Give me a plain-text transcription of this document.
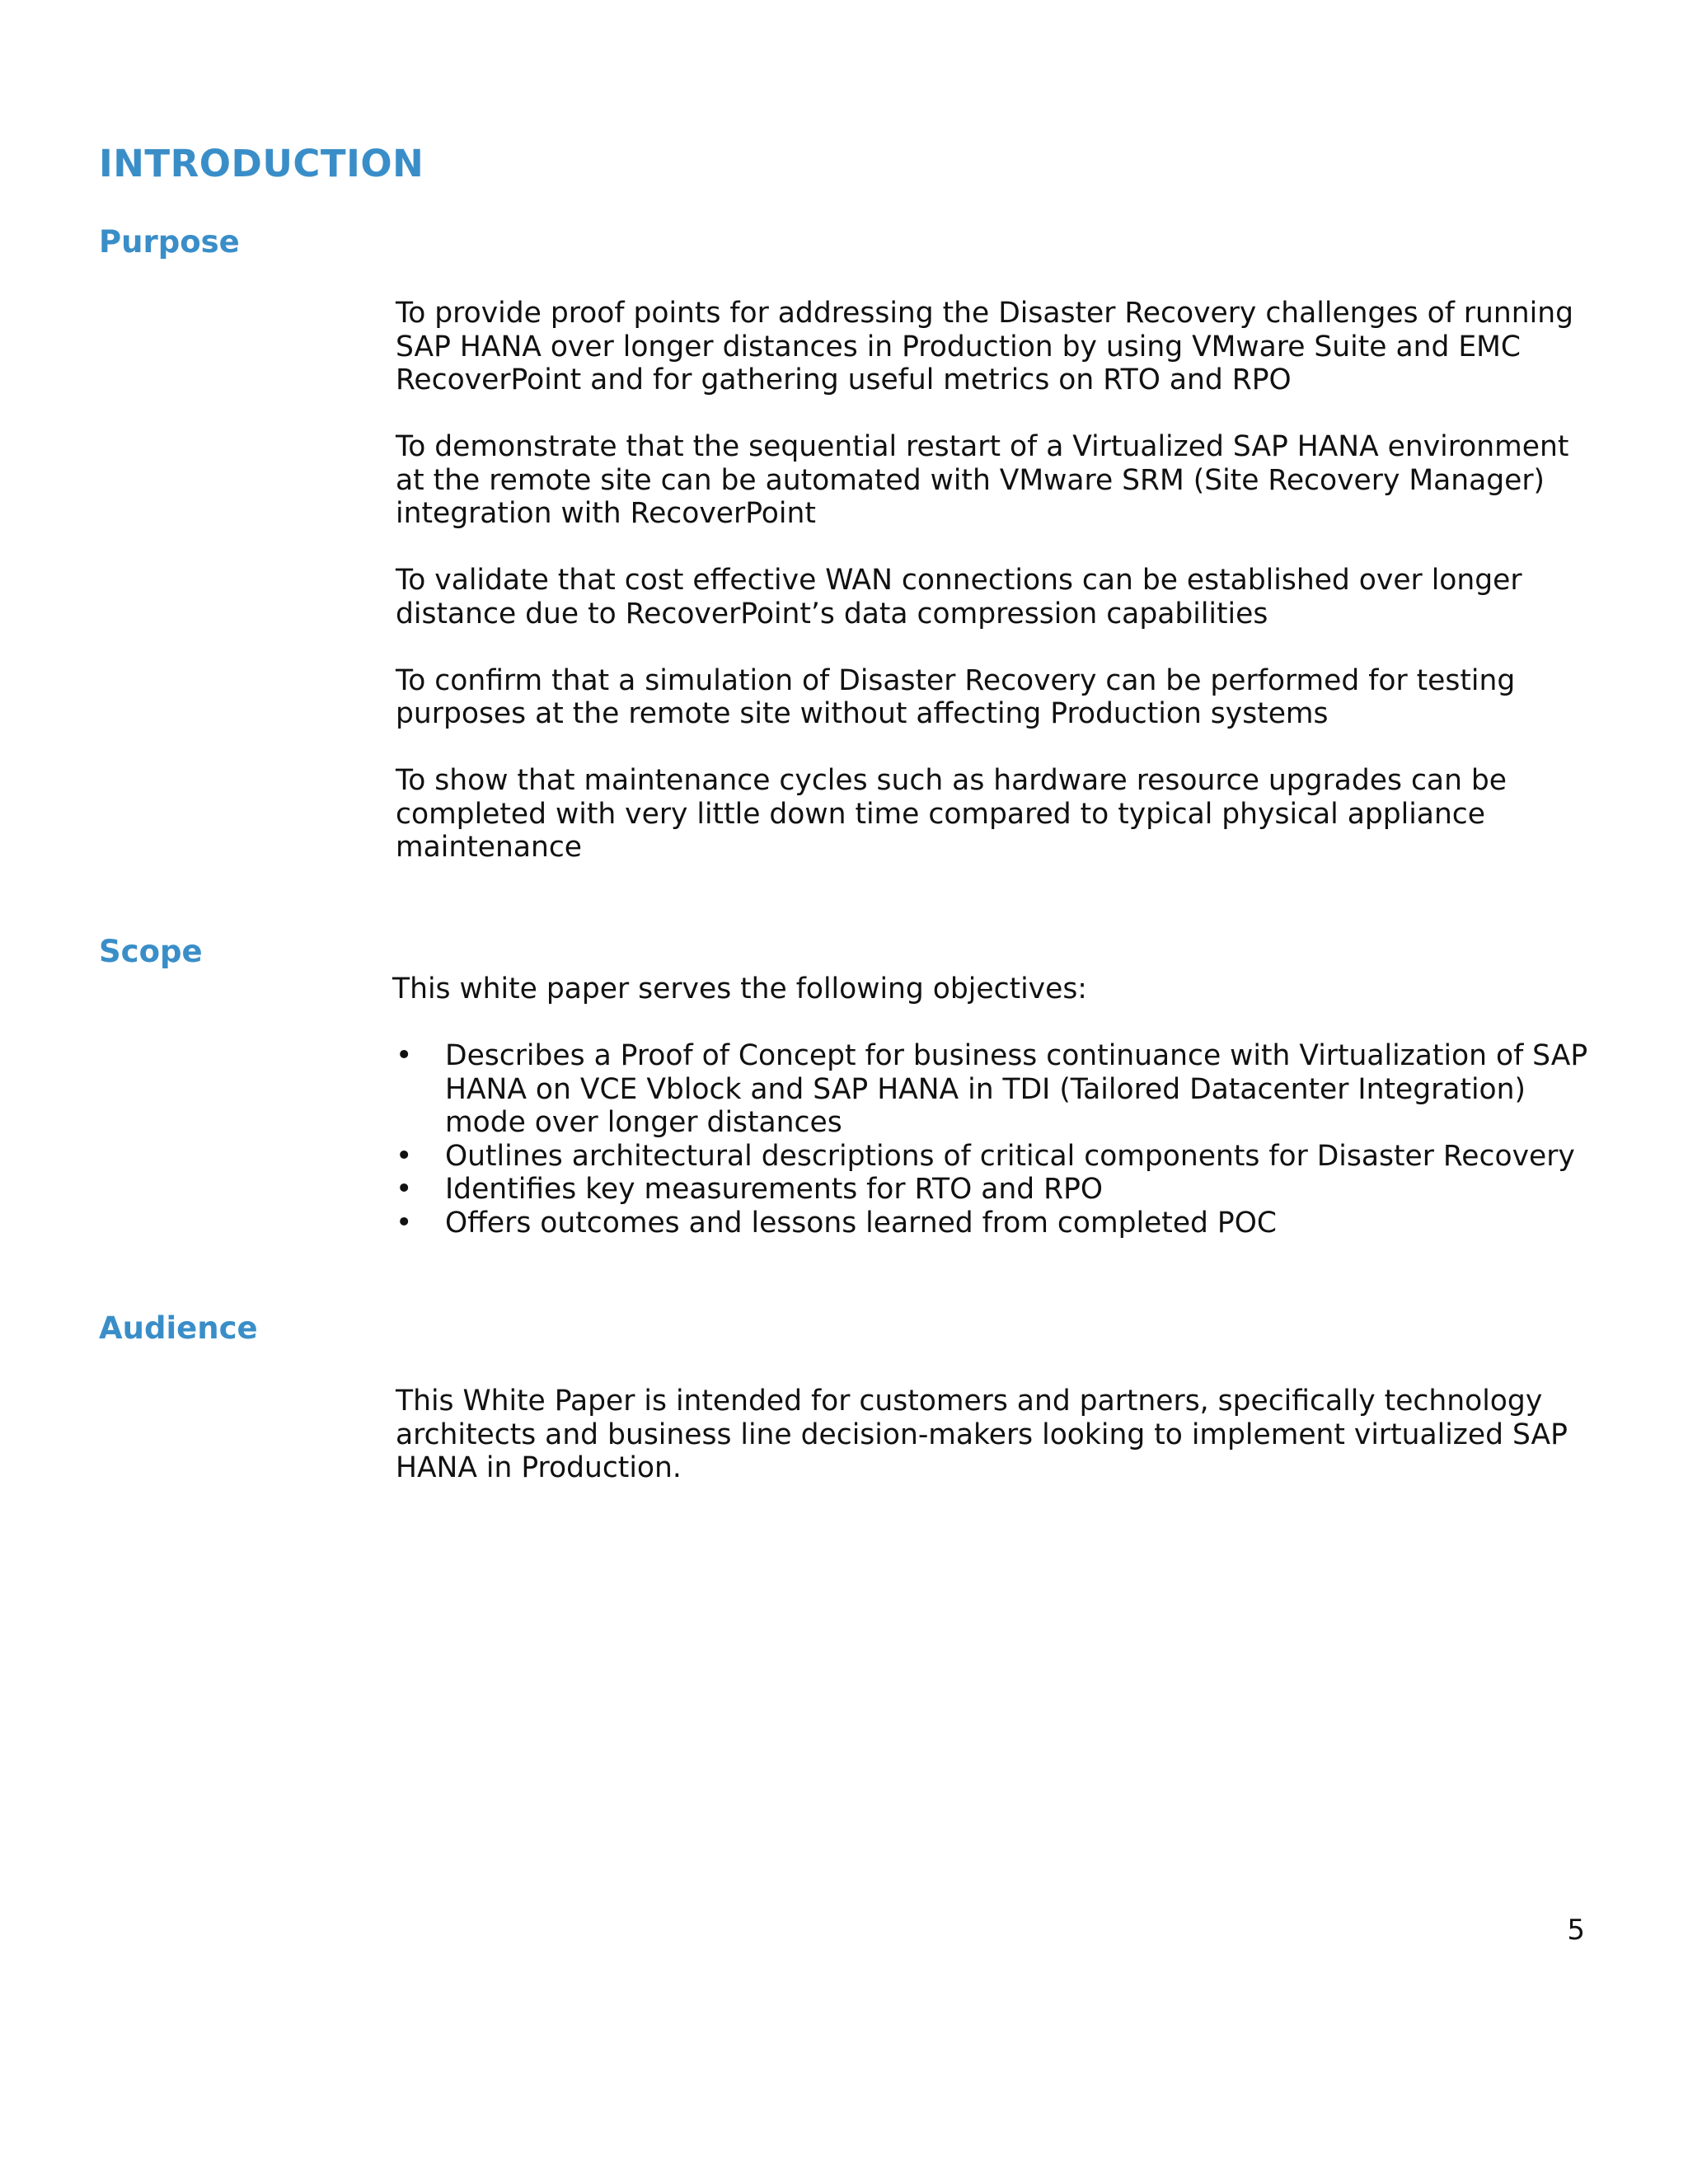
INTRODUCTION
Purpose

To provide proof points for addressing the Disaster Recovery challenges of running SAP HANA over longer distances in Production by using VMware Suite and EMC RecoverPoint and for gathering useful metrics on RTO and RPO

To demonstrate that the sequential restart of a Virtualized SAP HANA environment at the remote site can be automated with VMware SRM (Site Recovery Manager) integration with RecoverPoint

To validate that cost effective WAN connections can be established over longer distance due to RecoverPoint’s data compression capabilities

To confirm that a simulation of Disaster Recovery can be performed for testing purposes at the remote site without affecting Production systems

To show that maintenance cycles such as hardware resource upgrades can be completed with very little down time compared to typical physical appliance maintenance

Scope

This white paper serves the following objectives:

• Describes a Proof of Concept for business continuance with Virtualization of SAP HANA on VCE Vblock and SAP HANA in TDI (Tailored Datacenter Integration) mode over longer distances
• Outlines architectural descriptions of critical components for Disaster Recovery
• Identifies key measurements for RTO and RPO
• Offers outcomes and lessons learned from completed POC
Audience

This White Paper is intended for customers and partners, specifically technology architects and business line decision-makers looking to implement virtualized SAP HANA in Production.

5
